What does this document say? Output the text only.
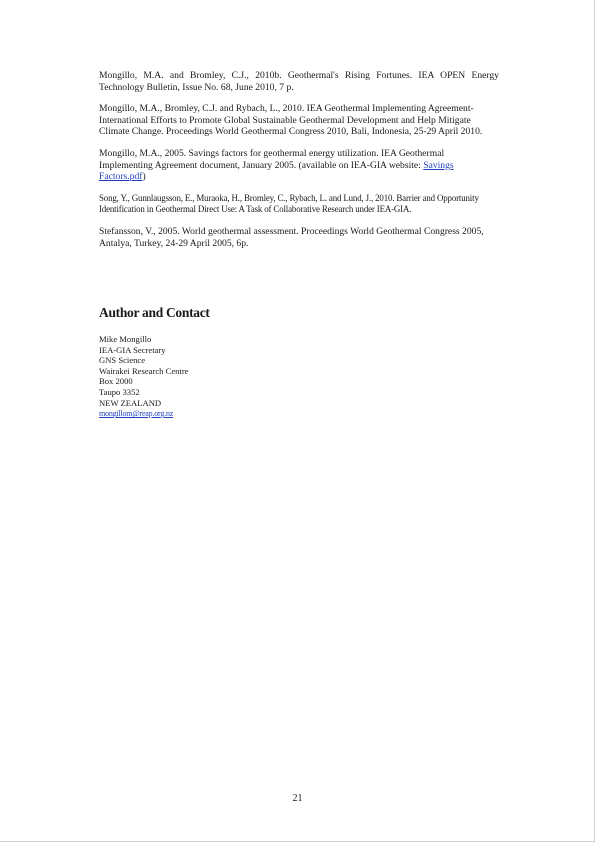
Mongillo, M.A. and Bromley, C.J., 2010b. Geothermal's Rising Fortunes. IEA OPEN Energy Technology Bulletin, Issue No. 68, June 2010, 7 p.

Mongillo, M.A., Bromley, C.J. and Rybach, L., 2010. IEA Geothermal Implementing Agreement-International Efforts to Promote Global Sustainable Geothermal Development and Help Mitigate Climate Change. Proceedings World Geothermal Congress 2010, Bali, Indonesia, 25-29 April 2010.

Mongillo, M.A., 2005. Savings factors for geothermal energy utilization. IEA Geothermal Implementing Agreement document, January 2005. (available on IEA-GIA website: Savings Factors.pdf)

Song, Y., Gunnlaugsson, E., Muraoka, H., Bromley, C., Rybach, L. and Lund, J., 2010. Barrier and Opportunity Identification in Geothermal Direct Use: A Task of Collaborative Research under IEA-GIA.

Stefansson, V., 2005. World geothermal assessment. Proceedings World Geothermal Congress 2005, Antalya, Turkey, 24-29 April 2005, 6p.

Author and Contact
Mike Mongillo
IEA-GIA Secretary
GNS Science
Wairakei Research Centre
Box 2000
Taupo 3352
NEW ZEALAND
mongillom@reap.org.nz
21
